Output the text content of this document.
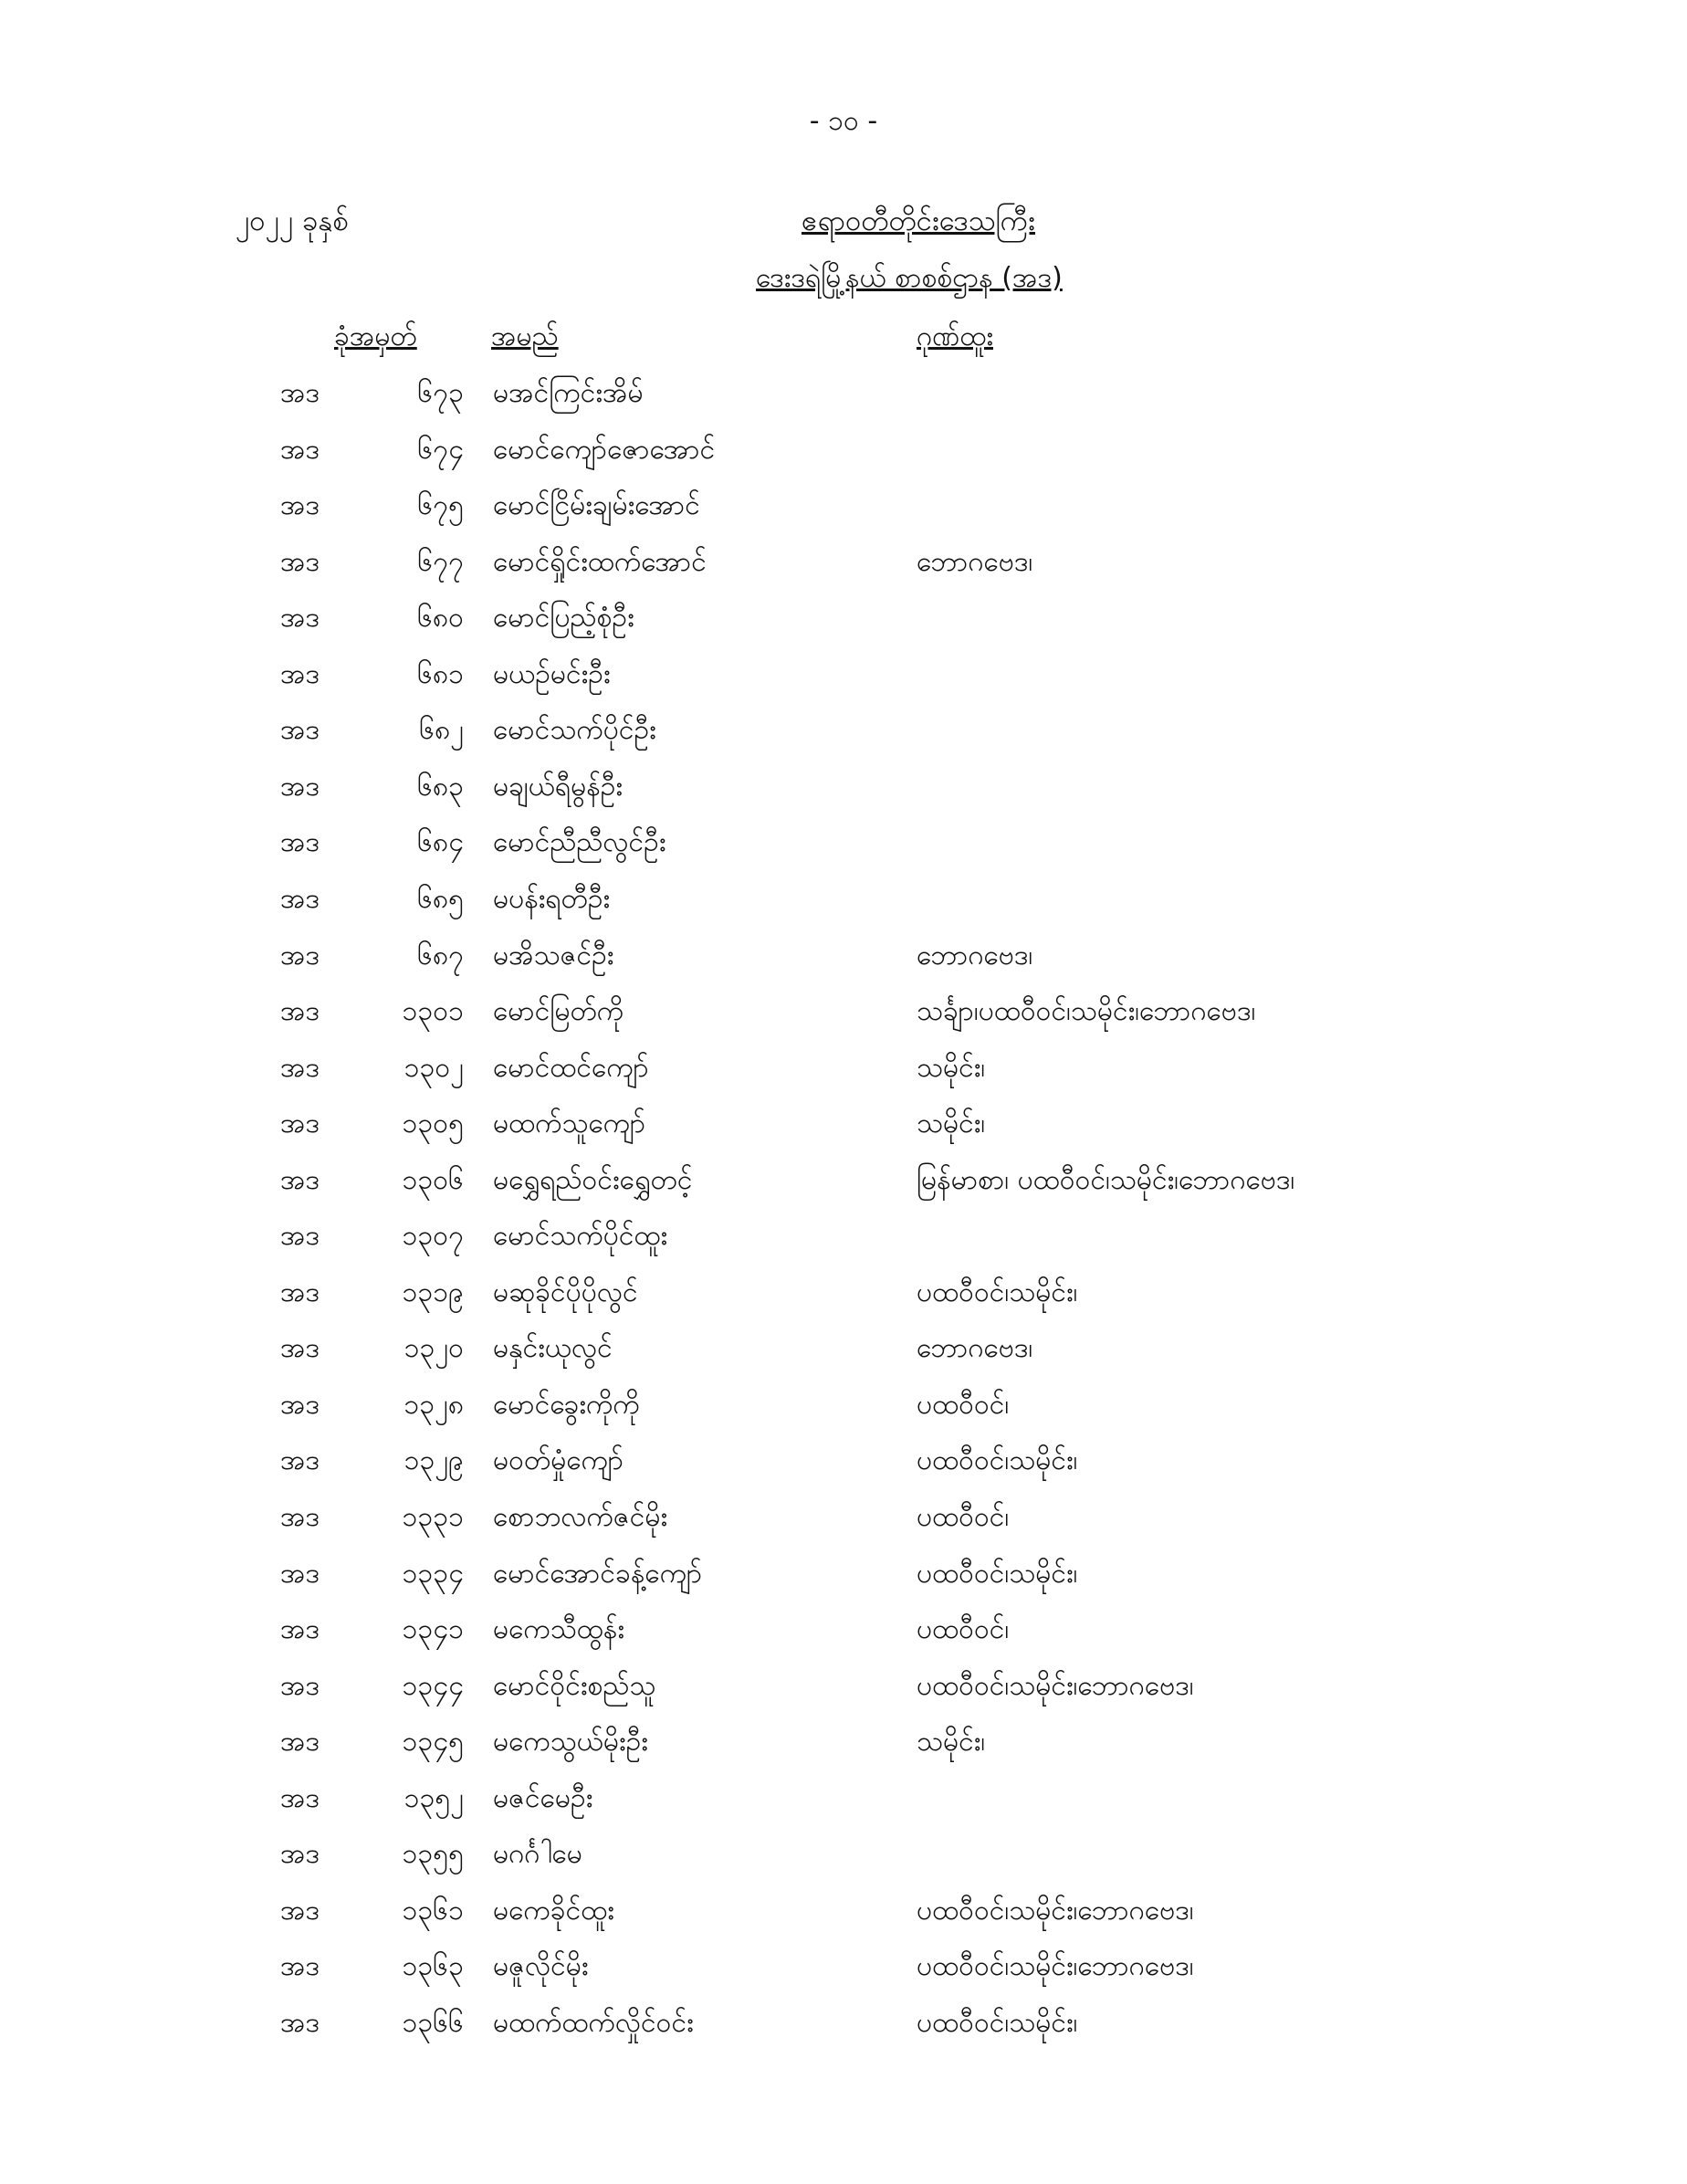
- ၁၀ -
၂၀၂၂ ခုနှစ်	ဧရာဝတီတိုင်းဒေသကြီး
ဒေးဒရဲမြို့နယ် စာစစ်ဌာန (အဒ)
ခုံအမှတ်	အမည်	ဂုဏ်ထူး
အဒ	၆၇၃ မအင်ကြင်းအိမ်
အဒ	၆၇၄ မောင်ကျော်ဇောအောင်
အဒ	၆၇၅ မောင်ငြိမ်းချမ်းအောင်
အဒ	၆၇၇ မောင်ရှိုင်းထက်အောင်	ဘောဂဗေဒ၊
အဒ	၆၈၀ မောင်ပြည့်စုံဦး
အဒ	၆၈၁ မယဉ်မင်းဦး
အဒ	၆၈၂ မောင်သက်ပိုင်ဦး
အဒ	၆၈၃ မချယ်ရီမွန်ဦး
အဒ	၆၈၄ မောင်ညီညီလွင်ဦး
အဒ	၆၈၅ မပန်းရတီဦး
အဒ	၆၈၇ မအိသဇင်ဦး	ဘောဂဗေဒ၊
အဒ	၁၃၀၁ မောင်မြတ်ကို	သင်္ချာ၊ပထဝီဝင်၊သမိုင်း၊ဘောဂဗေဒ၊
အဒ	၁၃၀၂ မောင်ထင်ကျော်	သမိုင်း၊
အဒ	၁၃၀၅ မထက်သူကျော်	သမိုင်း၊
အဒ	၁၃၀၆ မရွှေရည်ဝင်းရွှေတင့်	မြန်မာစာ၊ ပထဝီဝင်၊သမိုင်း၊ဘောဂဗေဒ၊
အဒ	၁၃၀၇ မောင်သက်ပိုင်ထူး
အဒ	၁၃၁၉ မဆုခိုင်ပိုပိုလွင်	ပထဝီဝင်၊သမိုင်း၊
အဒ	၁၃၂၀ မနှင်းယုလွင်	ဘောဂဗေဒ၊
အဒ	၁၃၂၈ မောင်ခွေးကိုကို	ပထဝီဝင်၊
အဒ	၁၃၂၉ မဝတ်မှုံကျော်	ပထဝီဝင်၊သမိုင်း၊
အဒ	၁၃၃၁ စောဘလက်ဇင်မိုး	ပထဝီဝင်၊
အဒ	၁၃၃၄ မောင်အောင်ခန့်ကျော်	ပထဝီဝင်၊သမိုင်း၊
အဒ	၁၃၄၁ မကေသီထွန်း	ပထဝီဝင်၊
အဒ	၁၃၄၄ မောင်ဝိုင်းစည်သူ	ပထဝီဝင်၊သမိုင်း၊ဘောဂဗေဒ၊
အဒ	၁၃၄၅ မကေသွယ်မိုးဦး	သမိုင်း၊
အဒ	၁၃၅၂ မဇင်မေဦး
အဒ	၁၃၅၅ မဂင်္ဂါမေ
အဒ	၁၃၆၁ မကေခိုင်ထူး	ပထဝီဝင်၊သမိုင်း၊ဘောဂဗေဒ၊
အဒ	၁၃၆၃ မဇူလိုင်မိုး	ပထဝီဝင်၊သမိုင်း၊ဘောဂဗေဒ၊
အဒ	၁၃၆၆ မထက်ထက်လှိုင်ဝင်း	ပထဝီဝင်၊သမိုင်း၊
